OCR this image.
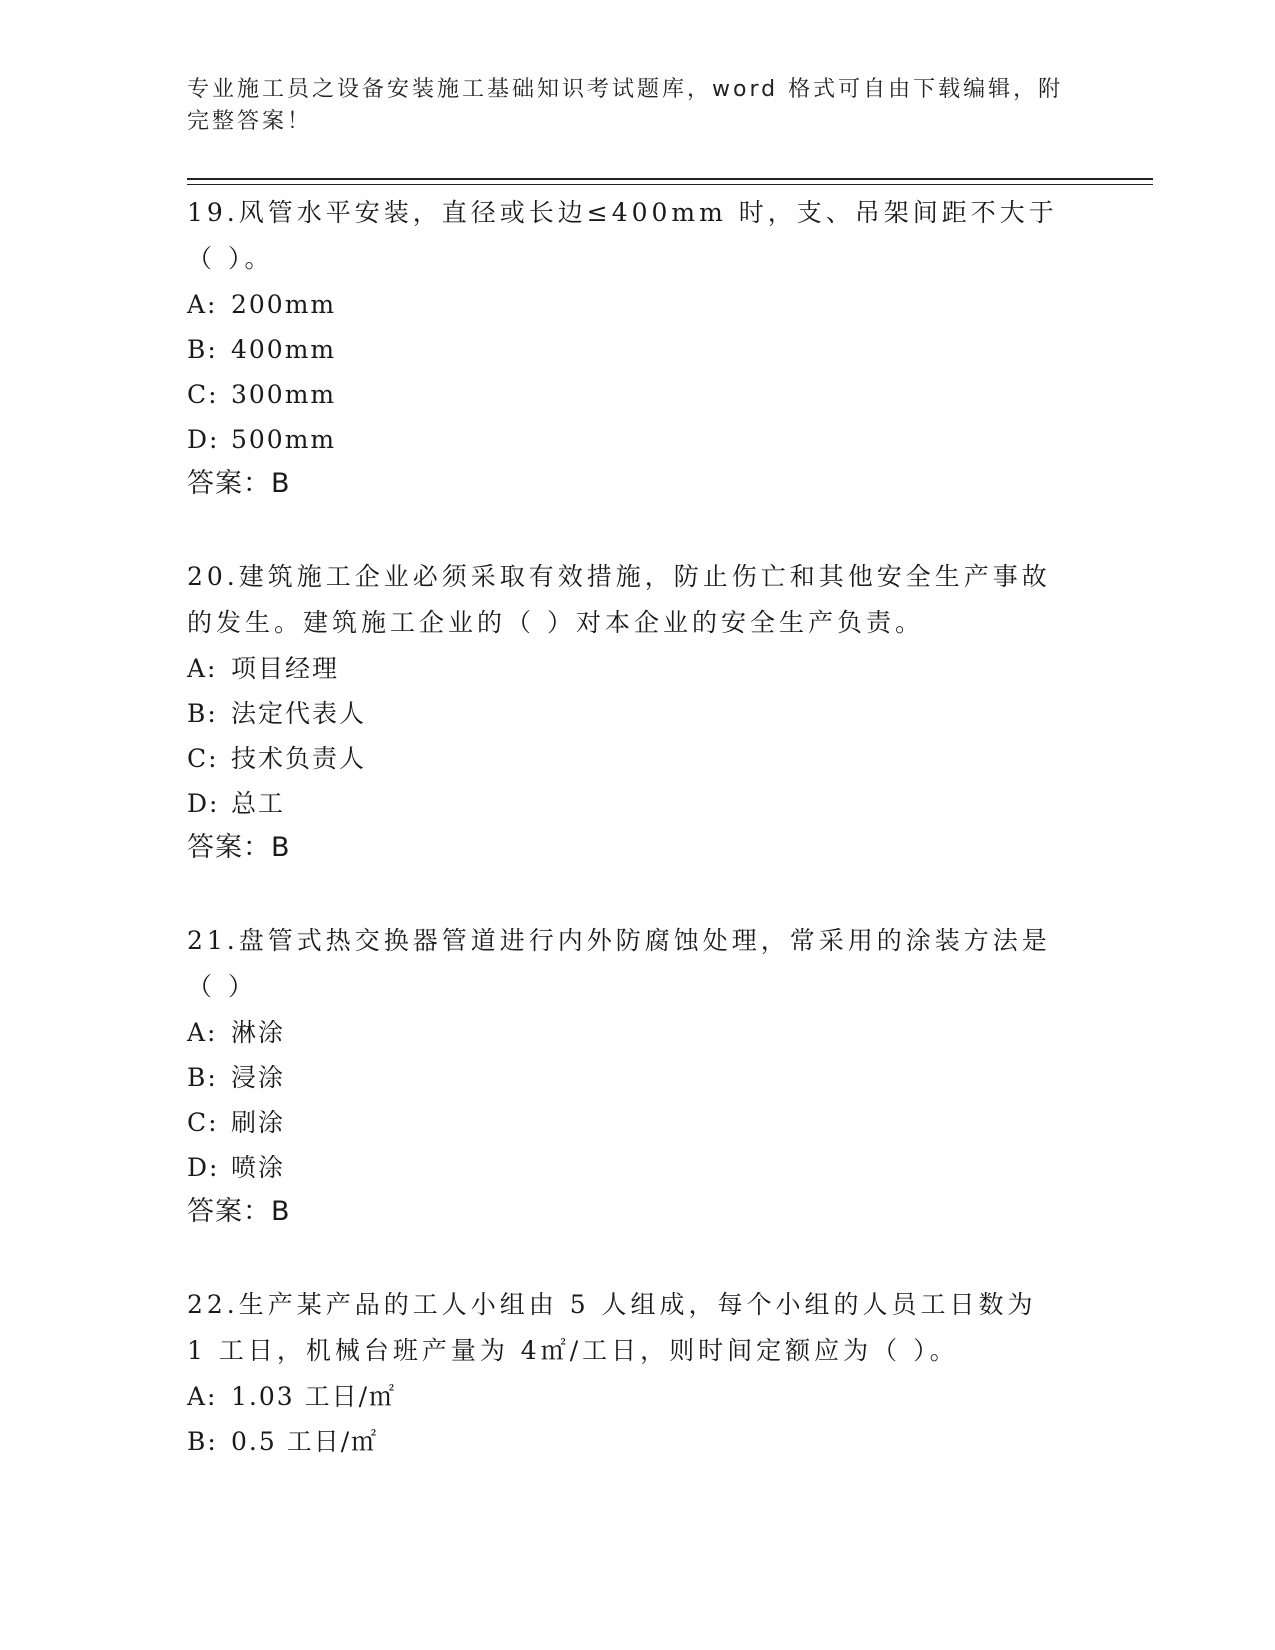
专业施工员之设备安装施工基础知识考试题库，word 格式可自由下载编辑，附完整答案！

19.风管水平安装，直径或长边≤400mm 时，支、吊架间距不大于（ ）。

A: 200mm
B: 400mm
C: 300mm
D: 500mm
答案：B

20.建筑施工企业必须采取有效措施，防止伤亡和其他安全生产事故的发生。建筑施工企业的（ ）对本企业的安全生产负责。

A: 项目经理
B: 法定代表人
C: 技术负责人
D: 总工
答案：B

21.盘管式热交换器管道进行内外防腐蚀处理，常采用的涂装方法是（ ）

A: 淋涂
B: 浸涂
C: 刷涂
D: 喷涂
答案：B

22.生产某产品的工人小组由 5 人组成，每个小组的人员工日数为 1 工日，机械台班产量为 4㎡/工日，则时间定额应为（ ）。

A: 1.03 工日/㎡
B: 0.5 工日/㎡
